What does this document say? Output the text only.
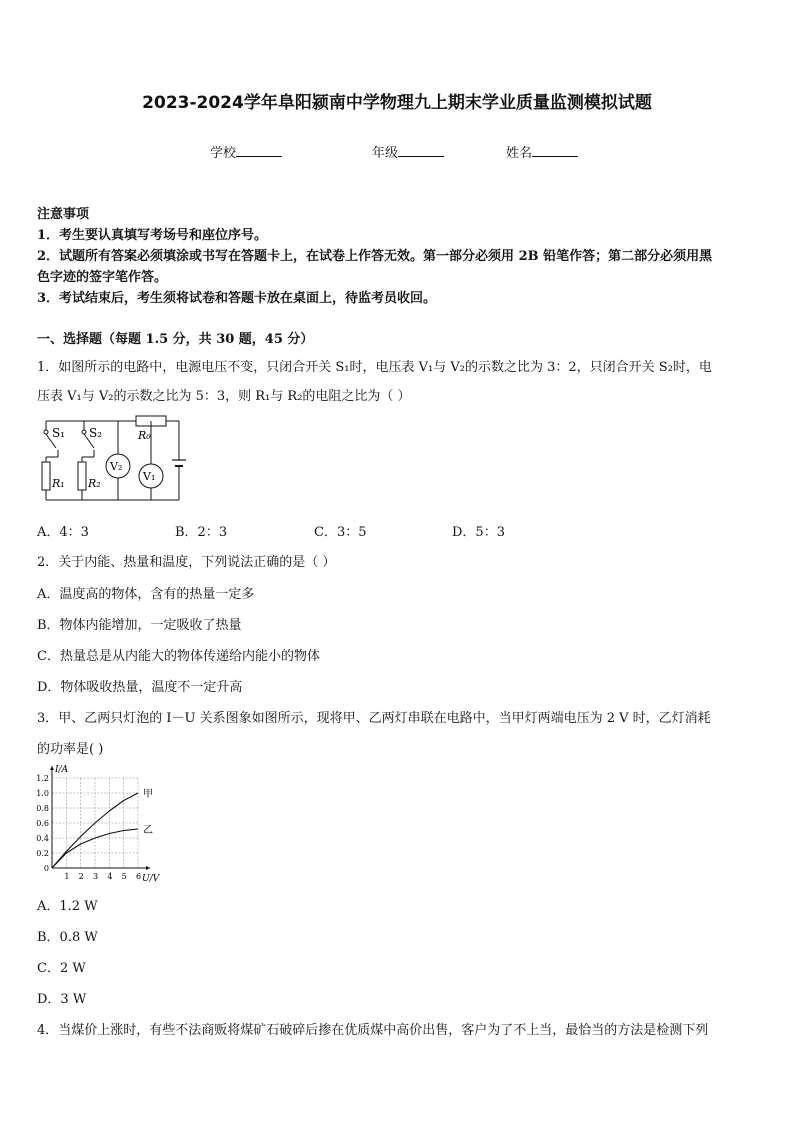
2023-2024学年阜阳颍南中学物理九上期末学业质量监测模拟试题
学校	年级	姓名
注意事项
1．考生要认真填写考场号和座位序号。
2．试题所有答案必须填涂或书写在答题卡上，在试卷上作答无效。第一部分必须用 2B 铅笔作答；第二部分必须用黑
色字迹的签字笔作答。
3．考试结束后，考生须将试卷和答题卡放在桌面上，待监考员收回。
一、选择题（每题 1.5 分，共 30 题，45 分）
1．如图所示的电路中，电源电压不变，只闭合开关 S₁时，电压表 V₁与 V₂的示数之比为 3：2，只闭合开关 S₂时，电
压表 V₁与 V₂的示数之比为 5：3，则 R₁与 R₂的电阻之比为（ ）
S₁ S₂	R₀
R₁ R₂
V₂
V₁
A．4：3	B．2：3	C．3：5	D．5：3
2．关于内能、热量和温度，下列说法正确的是（ ）
A．温度高的物体，含有的热量一定多
B．物体内能增加，一定吸收了热量
C．热量总是从内能大的物体传递给内能小的物体
D．物体吸收热量，温度不一定升高
3．甲、乙两只灯泡的 I－U 关系图象如图所示，现将甲、乙两灯串联在电路中，当甲灯两端电压为 2 V 时，乙灯消耗
的功率是( )
1 2 3 4 5 6
0
0.2
0.4
0.6
0.8
1.0
1.2
I/A
U/V
甲
乙
A．1.2 W
B．0.8 W
C．2 W
D．3 W
4．当煤价上涨时，有些不法商贩将煤矿石破碎后掺在优质煤中高价出售，客户为了不上当，最恰当的方法是检测下列
